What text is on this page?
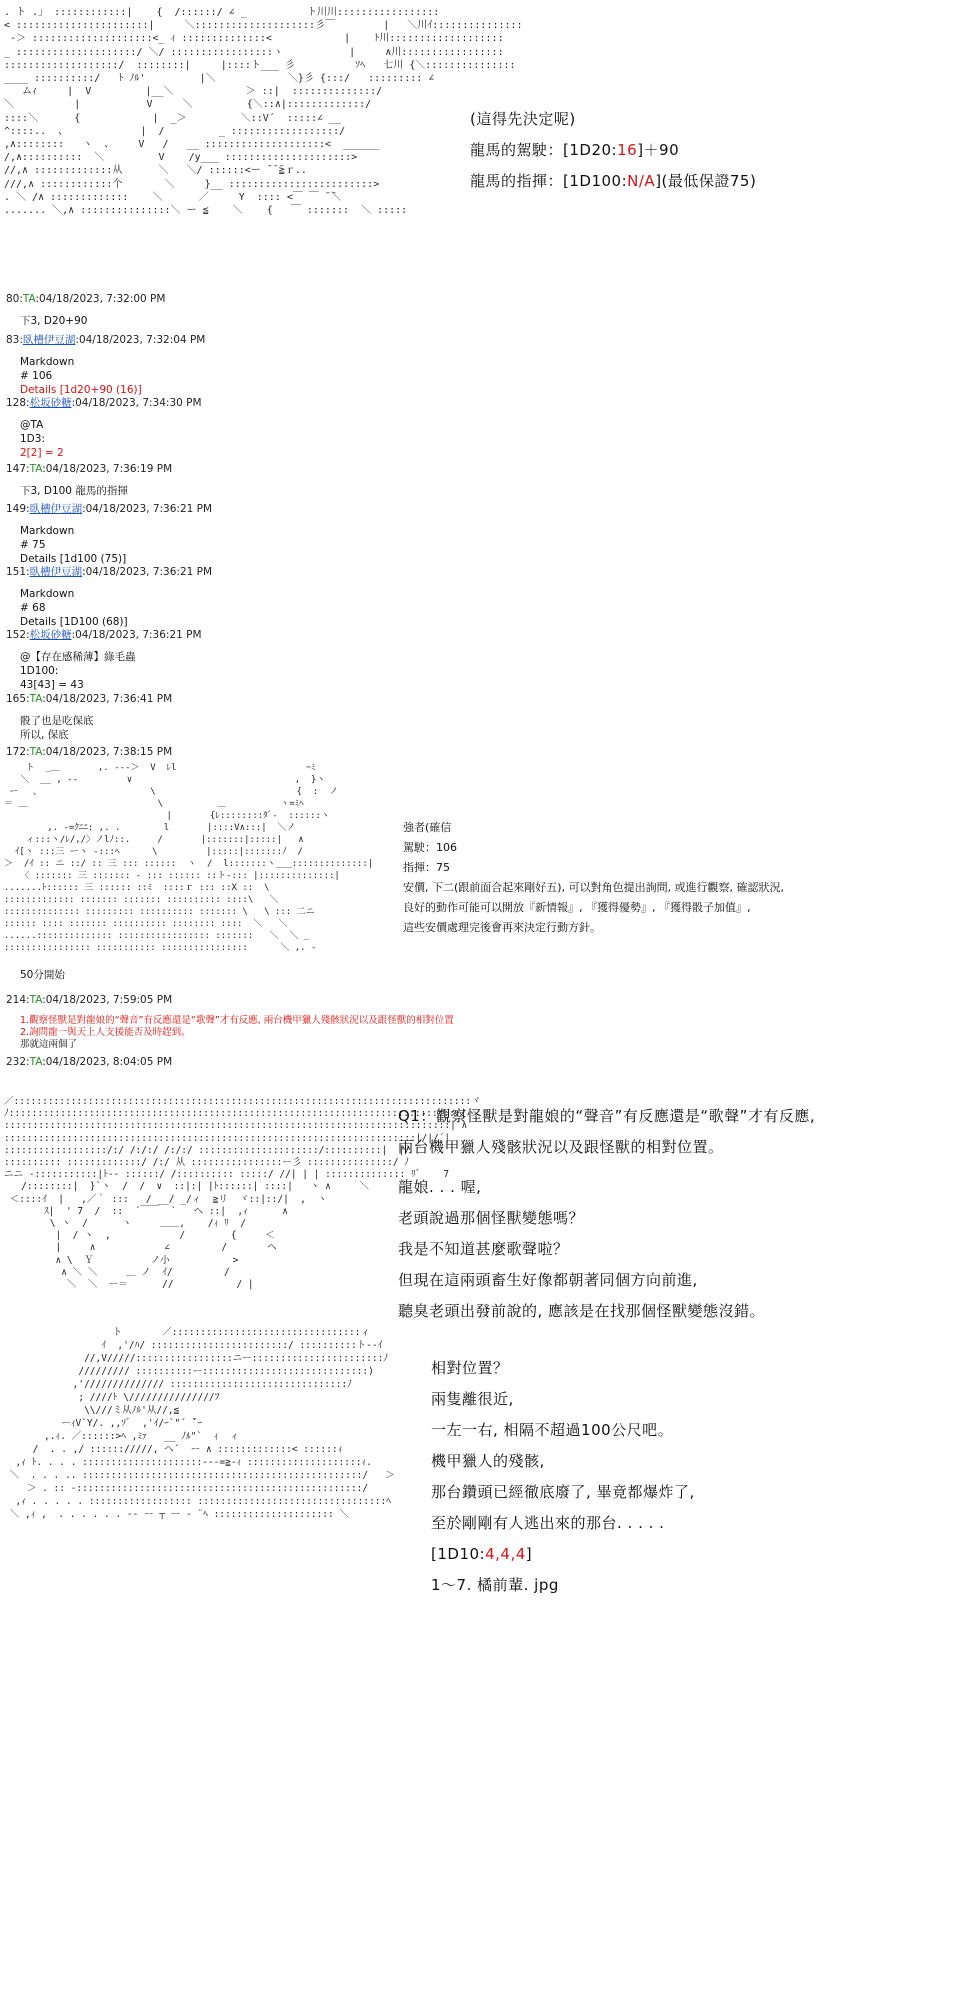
. ト .」 ::::::::::::|    {  /::::::/ ∠ _          ト川川:::::::::::::::::
< ::::::::::::::::::::::|     ＼::::::::::::::::::::彡￣        |   ＼川ｲ:::::::::::::::
-＞ ::::::::::::::::::::<_ ｨ ::::::::::::::<            |    ﾄ川:::::::::::::::::::
_ ::::::::::::::::::::/ ＼/ :::::::::::::::::ヽ           |     ∧川:::::::::::::::::
:::::::::::::::::::/  ::::::::|     |::::ト___ 彡          ｿﾍ   七川 {＼:::::::::::::::
____ ::::::::::/   ﾄ ﾉﾙ'         |＼            ＼}彡 {:::/   ::::::::: ∠
ムｨ     |  V         |__＼            ＞ ::|  ::::::::::::::/
＼          |           V     ＼         {＼::∧|:::::::::::::/
::::＼      {            |  _＞         ＼::V´  :::::∠ __
^::::..  、            |  /         _ ::::::::::::::::::/
,∧::::::::   ヽ  、    V   /   __ ::::::::::::::::::::<  ______
/,∧::::::::::  ＼         V    /y___ :::::::::::::::::::::>
//,∧ :::::::::::::从      ＼   ＼/ ::::::<ー ̄ ̄ ̄≧ｒ..
///,∧ ::::::::::::个       ＼     }__ ::::::::::::::::::::::::>
. ＼ /∧ :::::::::::::    ＼      ／     Y  :::: <￣ ￣ ̄ ̄＼
....... ＼,∧ :::::::::::::::＼ ー ≦    ＼    {   ￣ :::::::  ＼ :::::
(這得先決定呢)
龍馬的駕駛：[1D20:16]＋90
龍馬的指揮：[1D100:N/A](最低保證75)
80:TA:04/18/2023, 7:32:00 PM
下3, D20+90
83:臥槽伊豆湖:04/18/2023, 7:32:04 PM
Markdown
# 106
Details [1d20+90 (16)]
128:松坂砂糖:04/18/2023, 7:34:30 PM
@TA
1D3:
2[2] = 2
147:TA:04/18/2023, 7:36:19 PM
下3, D100 龍馬的指揮
149:臥槽伊豆湖:04/18/2023, 7:36:21 PM
Markdown
# 75
Details [1d100 (75)]
151:臥槽伊豆湖:04/18/2023, 7:36:21 PM
Markdown
# 68
Details [1D100 (68)]
152:松坂砂糖:04/18/2023, 7:36:21 PM
@【存在感稀薄】綠毛蟲
1D100:
43[43] = 43
165:TA:04/18/2023, 7:36:41 PM
骰了也是吃保底
所以, 保底
172:TA:04/18/2023, 7:38:15 PM
ト  _＿       ,. -‐-＞  V  ﾚl                        ｰﾐ
＼  __ , -‐         ∨                              ,  }ヽ
ー 　、                    \                          {  :  ノ
＝ ＿                        \          ＿          ヽ=ﾐﾍ
|       {ﾚ::::::::ﾀﾞ-  ::::::ヽ
　　　 ,. -=ｸﾆﾆ: ,. .        l       |::::V∧:::|  ＼ノ
ィ:::ヽ/ﾚ/,/〉ノlﾉ::.     /       |:::::::|:::::|   ∧
ｲ[ヽ :::三 ーヽ -:::ﾍ      \         |:::::|:::::::ﾉ  /
＞  /ｲ :: ニ ::/ :: 三 ::: ::::::  ヽ  /  l:::::::ヽ___::::::::::::::|
〈 ::::::: 三 ::::::: - ::: :::::: ::ト-::: |::::::::::::::|
.......ﾄ:::::: 三 :::::: ::ﾐ  ::::ｒ ::: ::X ::  \
::::::::::::: ::::::: ::::::: :::::::::: ::::\   ＼
:::::::::::::: ::::::::: :::::::::: ::::::: \   \ ::: 二ニ
:::::: :::: ::::::: :::::::::: :::::::: ::::  ＼   ＼
......:::::::::::::: ::::::::::::::::: :::::::   ＼  ＼ _
:::::::::::::::: ::::::::::: ::::::::::::::::      ＼ ,. -
強者(確信
駕駛：106
指揮：75
安價, 下二(跟前面合起來剛好五), 可以對角色提出詢問, 或進行觀察, 確認狀況,
良好的動作可能可以開放『新情報』, 『獲得優勢』, 『獲得骰子加值』,
這些安價處理完後會再來決定行動方針。
50分開始
214:TA:04/18/2023, 7:59:05 PM
1.觀察怪獸是對龍娘的“聲音”有反應還是“歌聲”才有反應, 兩台機甲獵人殘骸狀況以及跟怪獸的相對位置
2.詢問龍一與天上人支援能否及時趕到。
那就這兩個了
232:TA:04/18/2023, 8:04:05 PM
／::::::::::::::::::::::::::::::::::::::::::::::::::::::::::::::::::::::::::::::::ヾ
ﾉ:::::::::::::::::::::::::::::::::::::::::::::::::::::::::::::::::::::::::::::::|
::::::::::::::::::::::::::::::::::::::::::::::::::::::::::::::::::::::::::::::| ∧
::::::::::::::::::::::::::::::::::::::::::::::::::::::::::::::::::::::::|/|/´|
::::::::::::::::::/:/ /:/:/ /:/:/ :::::::::::::::::::::/::::::::::|  |/
:::::::::: :::::::::::::/ /:/ 从 ::::::::::::::::ー彡 :::::::::::::::/ ﾉ
ニニ -:::::::::::|ﾄ-- ::::::/ /:::::::::: :::::/ //| | | :::::::::::::: ﾘﾞ    7
/::::::::|  }`ヽ  /  /  ∨  ::|:| |ﾄ::::::| ::::|   ヽ ∧     ＼
＜::::ｲ  |   ,／｀ :::   / __/ _/ィ  ≧リ  ヾ::|::/|  ,  ヽ
ｽ|  ' 7  /  ::  ´￣￣  `   ヘ ::|  ,ｨ      ∧
\ ヽ  /      ヽ     ＿＿,    /ｨ ﾘ  /
|  / ヽ  ,            /        {     ＜
|     ∧            ∠         /       ヘ
∧ \  Ｙ          ノ小           >
∧ ＼ ＼     ＿ ノ  ｲ/         /
＼  ＼  ー＝      //           / |
Q1：觀察怪獸是對龍娘的“聲音”有反應還是“歌聲”才有反應,
兩台機甲獵人殘骸狀況以及跟怪獸的相對位置。
龍娘. . . 喔,
老頭說過那個怪獸變態嗎？
我是不知道甚麼歌聲啦？
但現在這兩頭畜生好像都朝著同個方向前進,
聽臭老頭出發前說的, 應該是在找那個怪獸變態沒錯。
ト       ／:::::::::::::::::::::::::::::::::ィ
ｲ  ,'/ﾊ/ ::::::::::::::::::::::::/ ::::::::::ト--ｲ
//,V/////:::::::::::::::::ニー:::::::::::::::::::::::ﾉ
///////// ::::::::::ー:::::::::::::::::::::::::::::)
,'////////////// :::::::::::::::::::::::::::::::ﾉ
; ////ﾄ \///////////////ﾌ
\\///ミ从ﾉﾙ'从//,≦
ーｨV`Y/. ,,ｿﾞ  ,'ｲ/ｰ`"´ ̄`ｰ
,.ｨ. ／::::::>ﾍ ,ﾐｧ   __ ﾉﾙ"`  ｨ  ィ
/  . . ,/ :::::://///, ヘ´  ー ∧ :::::::::::::< ::::::ｨ
,ｨ ﾄ. . . . :::::::::::::::::::::---=≧-ｨ ::::::::::::::::::::ｨ.
＼  . . . .. :::::::::::::::::::::::::::::::::::::::::::::::::/   ＞
＞ . :: ‐::::::::::::::::::::::::::::::::::::::::::::::::::/
,ｨ . . . . . :::::::::::::::::: :::::::::::::::::::::::::::::::::ﾍ
＼ ,ｨ ,  . . . . . . -‐ ー ┬ ー ‐ ¨ﾍ ::::::::::::::::::::: ＼
相對位置？
兩隻離很近,
一左一右, 相隔不超過100公尺吧。
機甲獵人的殘骸,
那台鑽頭已經徹底廢了, 畢竟都爆炸了,
至於剛剛有人逃出來的那台. . . . .
[1D10:4,4,4]
1～7. 橘前輩. jpg
